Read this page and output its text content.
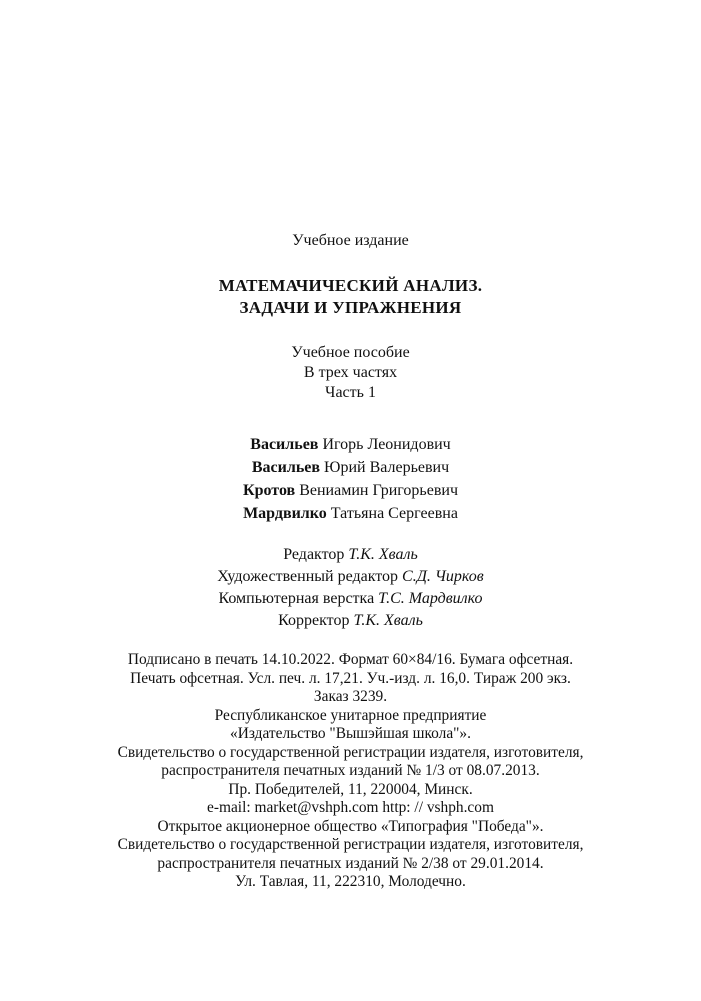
Учебное издание
МАТЕМАЧИЧЕСКИЙ АНАЛИЗ.
ЗАДАЧИ И УПРАЖНЕНИЯ
Учебное пособие
В трех частях
Часть 1
Васильев Игорь Леонидович
Васильев Юрий Валерьевич
Кротов Вениамин Григорьевич
Мардвилко Татьяна Сергеевна
Редактор Т.К. Хваль
Художественный редактор С.Д. Чирков
Компьютерная верстка Т.С. Мардвилко
Корректор Т.К. Хваль
Подписано в печать 14.10.2022. Формат 60×84/16. Бумага офсетная.
Печать офсетная. Усл. печ. л. 17,21. Уч.-изд. л. 16,0. Тираж 200 экз.
Заказ 3239.
Республиканское унитарное предприятие
«Издательство "Вышэйшая школа"».
Свидетельство о государственной регистрации издателя, изготовителя,
распространителя печатных изданий № 1/3 от 08.07.2013.
Пр. Победителей, 11, 220004, Минск.
e-mail: market@vshph.com http: // vshph.com
Открытое акционерное общество «Типография "Победа"».
Свидетельство о государственной регистрации издателя, изготовителя,
распространителя печатных изданий № 2/38 от 29.01.2014.
Ул. Тавлая, 11, 222310, Молодечно.
